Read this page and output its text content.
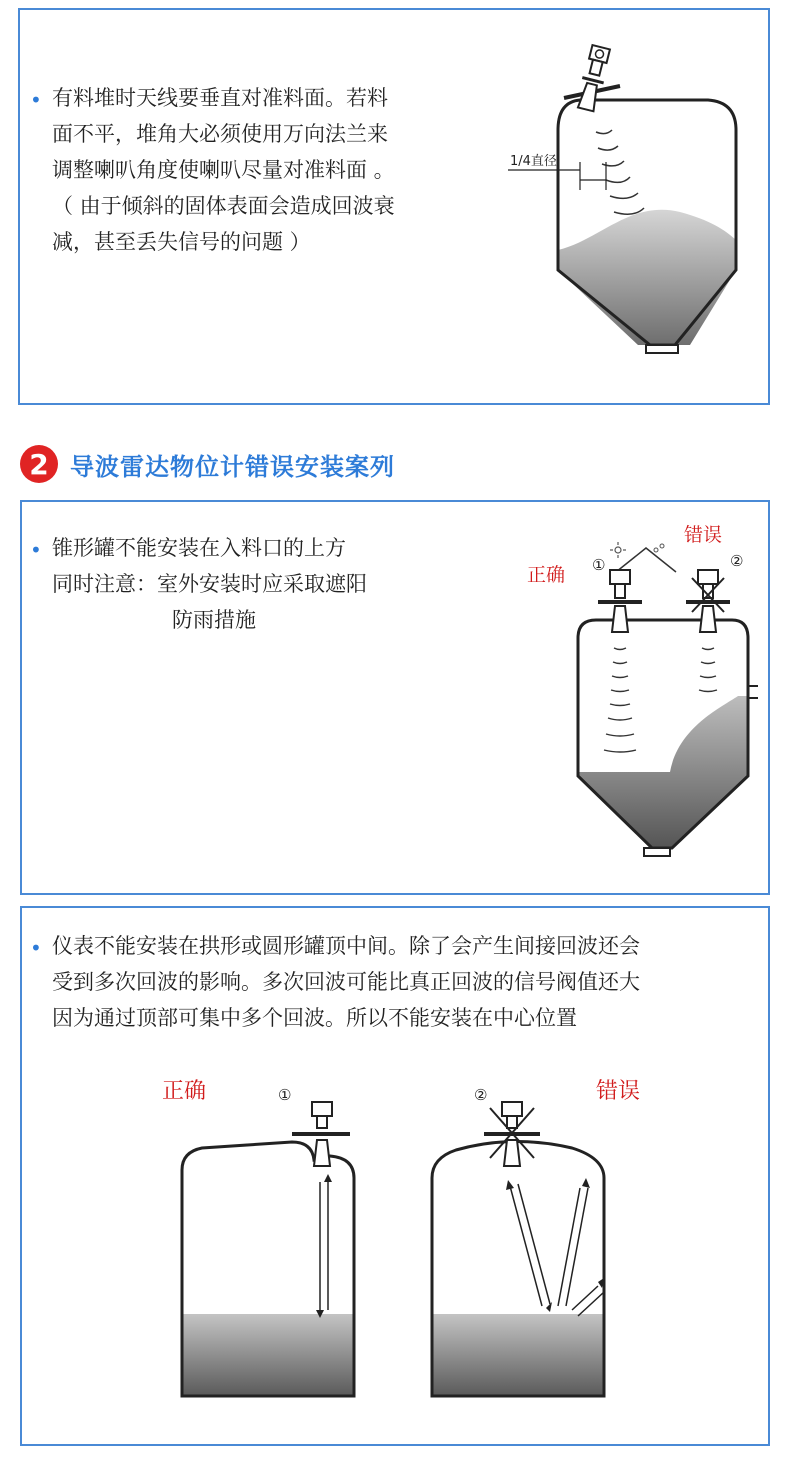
• 有料堆时天线要垂直对准料面。若料
面不平，堆角大必须使用万向法兰来
调整喇叭角度使喇叭尽量对准料面 。
（ 由于倾斜的固体表面会造成回波衰
减，甚至丢失信号的问题 ）
1/4直径
2 导波雷达物位计错误安装案列
• 锥形罐不能安装在入料口的上方
同时注意：室外安装时应采取遮阳
防雨措施
错误
正确 ①	②
• 仪表不能安装在拱形或圆形罐顶中间。除了会产生间接回波还会
受到多次回波的影响。多次回波可能比真正回波的信号阀值还大
因为通过顶部可集中多个回波。所以不能安装在中心位置
正确	错误
①	②
